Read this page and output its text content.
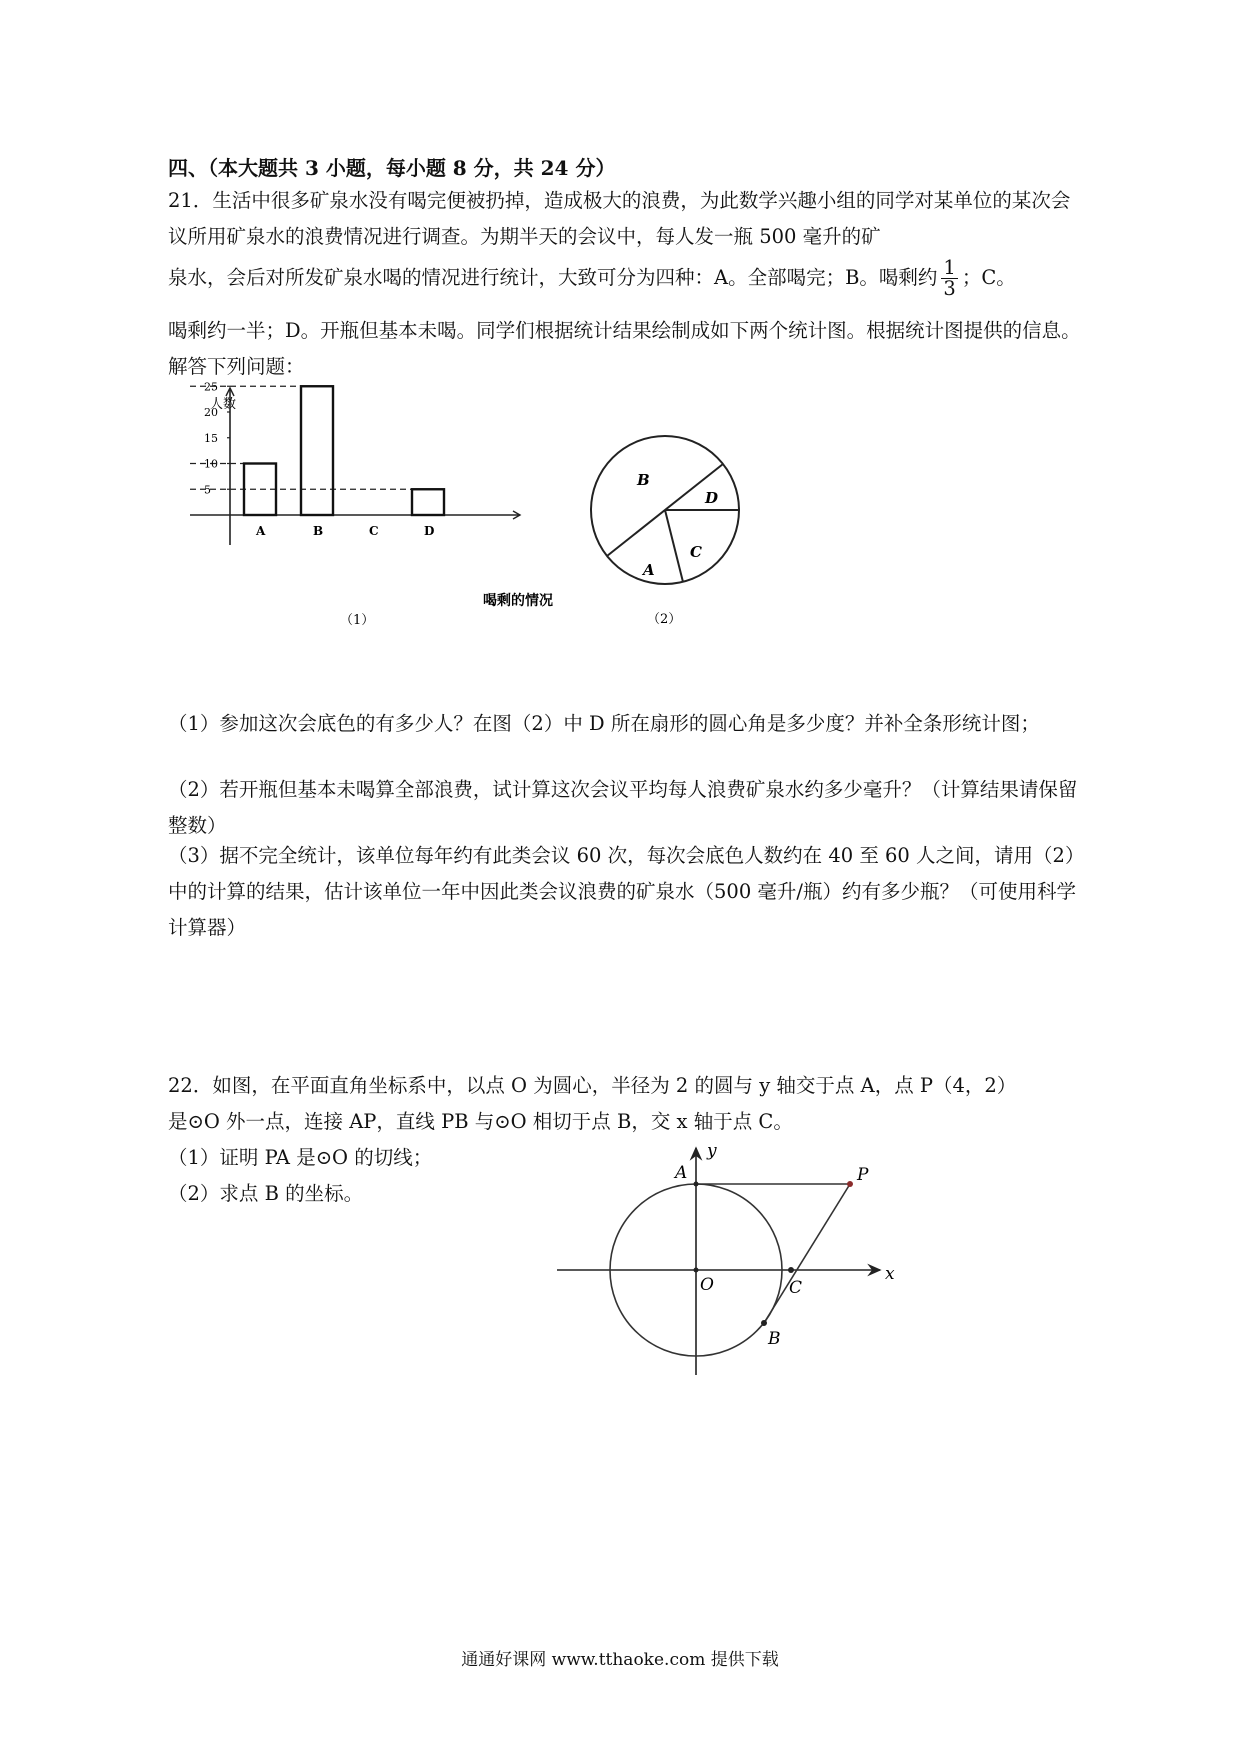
四、（本大题共 3 小题，每小题 8 分，共 24 分）
21．生活中很多矿泉水没有喝完便被扔掉，造成极大的浪费，为此数学兴趣小组的同学对某单位的某次会议所用矿泉水的浪费情况进行调查。为期半天的会议中，每人发一瓶 500 毫升的矿
泉水，会后对所发矿泉水喝的情况进行统计，大致可分为四种：A。全部喝完；B。喝剩约 $\frac{1}{3}$ ；C。
喝剩约一半；D。开瓶但基本未喝。同学们根据统计结果绘制成如下两个统计图。根据统计图提供的信息。解答下列问题：
5
10
15
20
25
A	B	C	D
人数
喝剩的情况
（1）
B
D
C
A
（2）
（1）参加这次会底色的有多少人？在图（2）中 D 所在扇形的圆心角是多少度？并补全条形统计图；
（2）若开瓶但基本未喝算全部浪费，试计算这次会议平均每人浪费矿泉水约多少毫升？（计算结果请保留整数）
（3）据不完全统计，该单位每年约有此类会议 60 次，每次会底色人数约在 40 至 60 人之间，请用（2）中的计算的结果，估计该单位一年中因此类会议浪费的矿泉水（500 毫升/瓶）约有多少瓶？（可使用科学计算器）
22．如图，在平面直角坐标系中，以点 O 为圆心，半径为 2 的圆与 y 轴交于点 A，点 P（4，2）
是⊙O 外一点，连接 AP，直线 PB 与⊙O 相切于点 B，交 x 轴于点 C。
（1）证明 PA 是⊙O 的切线；
（2）求点 B 的坐标。
y
x
A	P
O	C
B
通通好课网 www.tthaoke.com 提供下载
